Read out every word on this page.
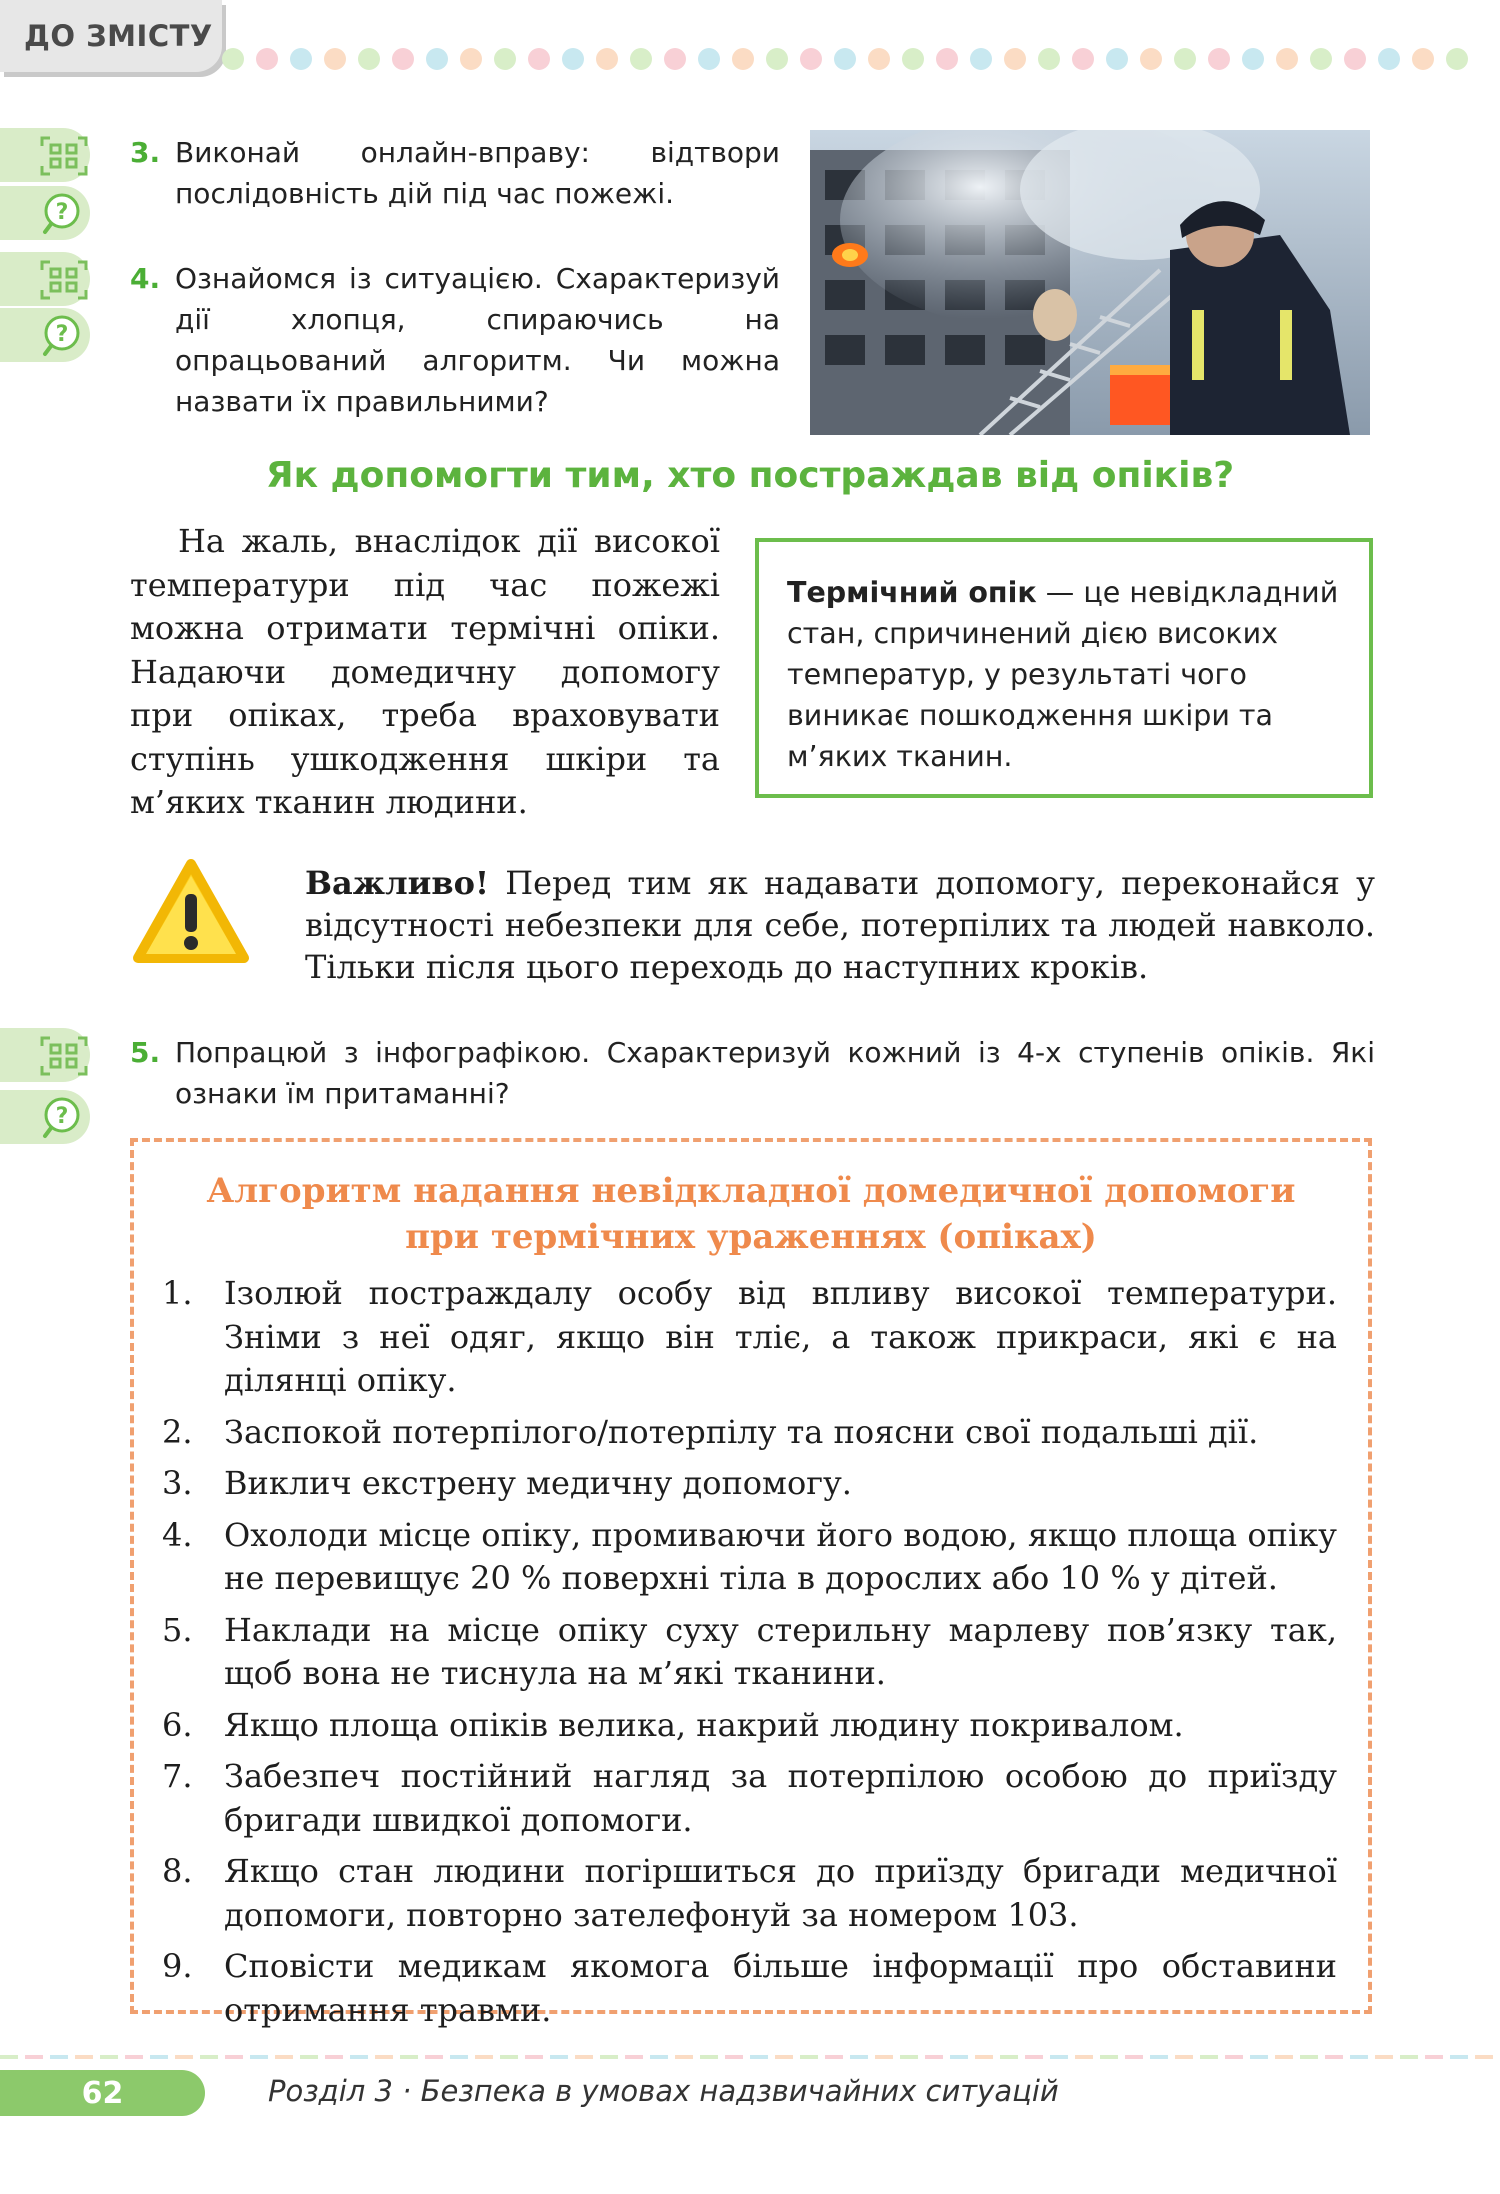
ДО ЗМІСТУ
?
?
?
3. Виконай онлайн-вправу: відтвори послідовність дій під час пожежі.
4. Ознайомся із ситуацією. Схарактеризуй дії хлопця, спираючись на опрацьований алгоритм. Чи можна назвати їх правильними?
Як допомогти тим, хто постраждав від опіків?
На жаль, внаслідок дії високої температури під час пожежі можна отримати термічні опіки. Надаючи домедичну допомогу при опіках, треба враховувати ступінь ушкодження шкіри та м’яких тканин людини.
Термічний опік — це невідкладний стан, спричинений дією високих температур, у результаті чого виникає пошкодження шкіри та м’яких тканин.
Важливо! Перед тим як надавати допомогу, переконайся у відсутності небезпеки для себе, потерпілих та людей навколо. Тільки після цього переходь до наступних кроків.
5. Попрацюй з інфографікою. Схарактеризуй кожний із 4-х ступенів опіків. Які ознаки їм притаманні?
Алгоритм надання невідкладної домедичної допомоги
при термічних ураженнях (опіках)
1. Ізолюй постраждалу особу від впливу високої температури. Зніми з неї одяг, якщо він тліє, а також прикраси, які є на ділянці опіку.
2. Заспокой потерпілого/потерпілу та поясни свої подальші дії.
3. Виклич екстрену медичну допомогу.
4. Охолоди місце опіку, промиваючи його водою, якщо площа опіку не перевищує 20 % поверхні тіла в дорослих або 10 % у дітей.
5. Наклади на місце опіку суху стерильну марлеву пов’язку так, щоб вона не тиснула на м’які тканини.
6. Якщо площа опіків велика, накрий людину покривалом.
7. Забезпеч постійний нагляд за потерпілою особою до приїзду бригади швидкої допомоги.
8. Якщо стан людини погіршиться до приїзду бригади медичної допомоги, повторно зателефонуй за номером 103.
9. Сповісти медикам якомога більше інформації про обставини отримання травми.
62	Розділ 3 · Безпека в умовах надзвичайних ситуацій
